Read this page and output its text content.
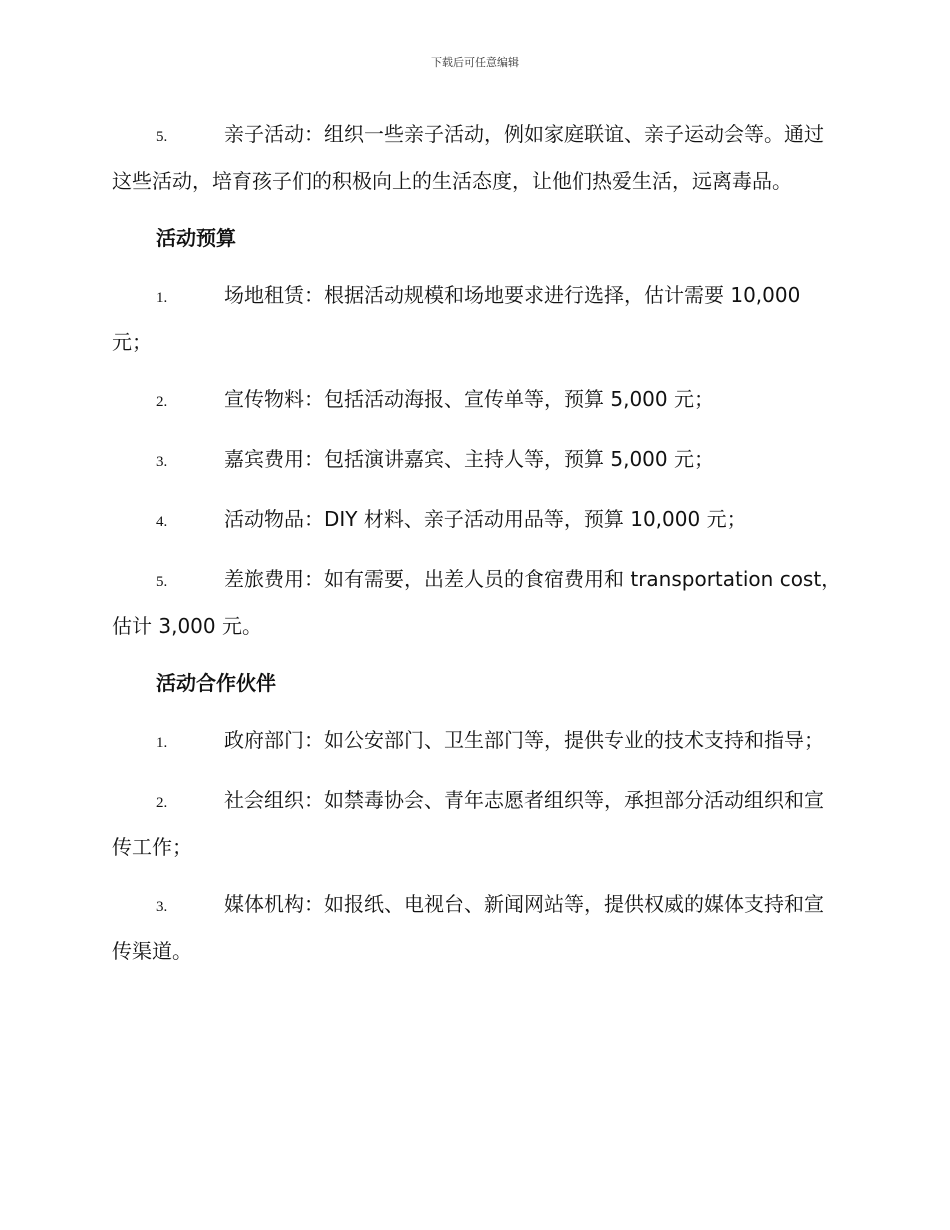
下载后可任意编辑
5.	亲子活动：组织一些亲子活动，例如家庭联谊、亲子运动会等。通过这些活动，培育孩子们的积极向上的生活态度，让他们热爱生活，远离毒品。
活动预算
1.	场地租赁：根据活动规模和场地要求进行选择，估计需要 10,000 元；
2.	宣传物料：包括活动海报、宣传单等，预算 5,000 元；
3.	嘉宾费用：包括演讲嘉宾、主持人等，预算 5,000 元；
4.	活动物品：DIY 材料、亲子活动用品等，预算 10,000 元；
5.	差旅费用：如有需要，出差人员的食宿费用和 transportation cost，估计 3,000 元。
活动合作伙伴
1.	政府部门：如公安部门、卫生部门等，提供专业的技术支持和指导；
2.	社会组织：如禁毒协会、青年志愿者组织等，承担部分活动组织和宣传工作；
3.	媒体机构：如报纸、电视台、新闻网站等，提供权威的媒体支持和宣传渠道。
